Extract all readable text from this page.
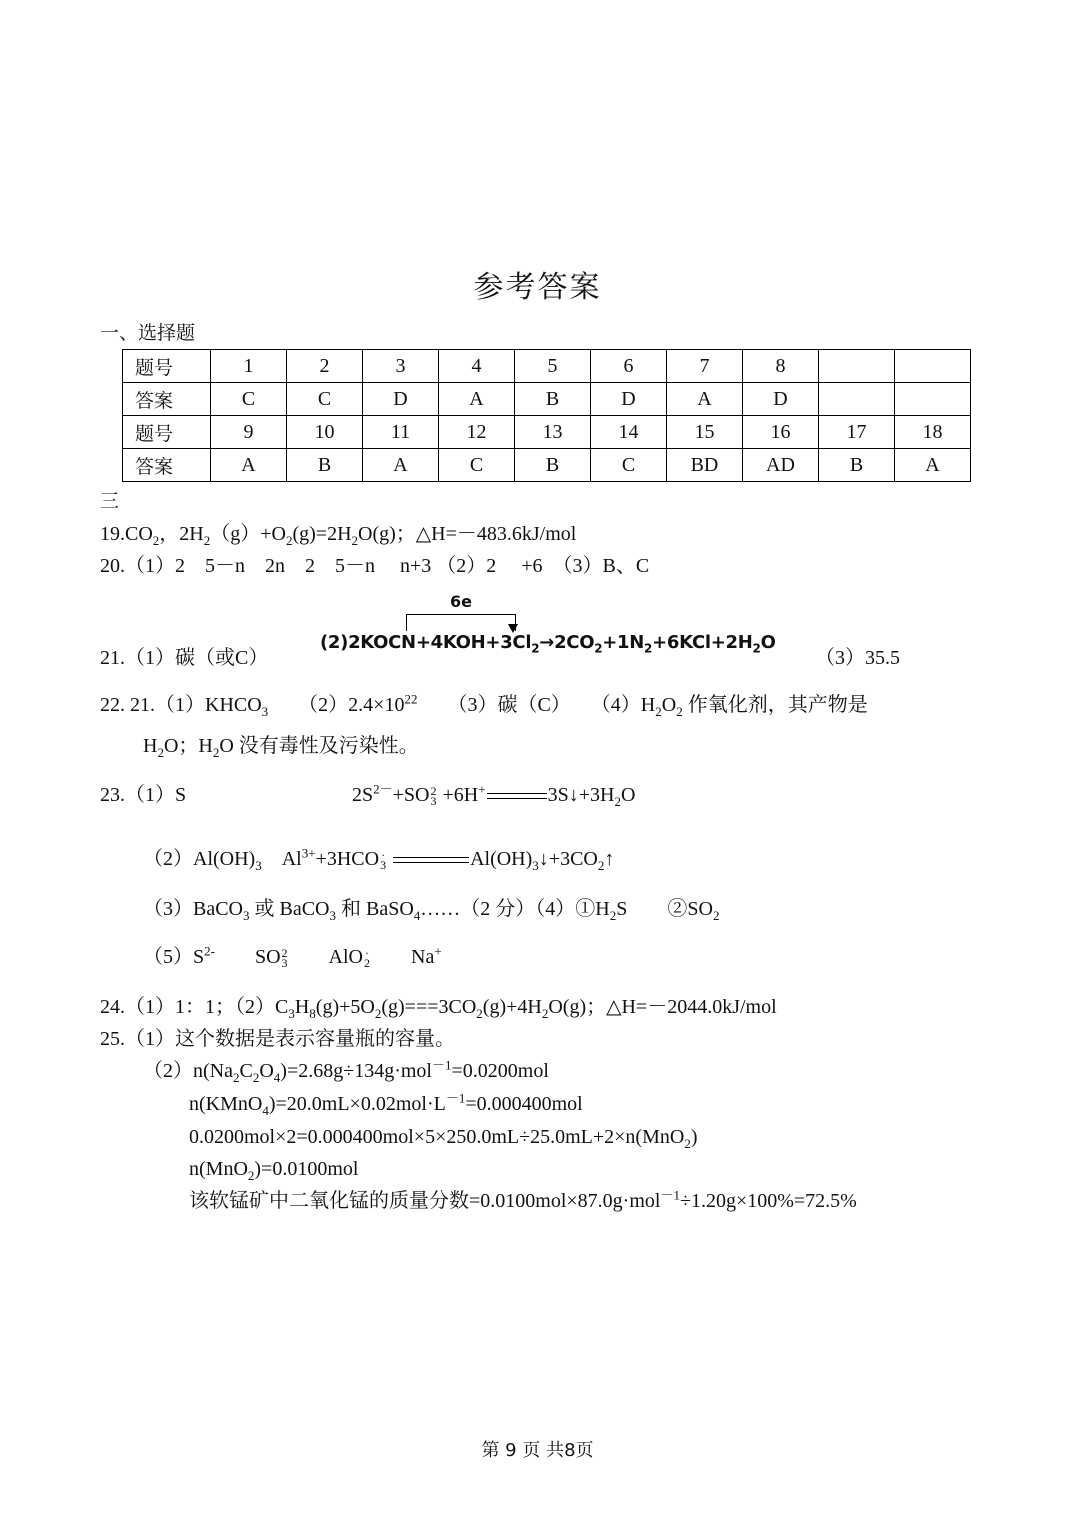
参考答案
一、选择题
题号	1	2	3	4	5	6	7	8		
答案	C	C	D	A	B	D	A	D		
题号	9	10	11	12	13	14	15	16	17	18
答案	A	B	A	C	B	C	BD	AD	B	A
三
$19.CO_2$，$2H_2(g)+O_2(g)=2H_2O(g)$；△H=－483.6kJ/mol
20.（1）2　5－n　2n　2　5－n　 n+3 （2）2　 +6　（3）B、C
6e
21.（1）碳（或C）
$(2)2KOCN+4KOH+3Cl_2\to 2CO_2+1N_2+6KCl+2H_2O$
（3）35.5
22. $21.(1)KHCO_3$　　$(2)2.4\times 10^{22}$　　（3）碳（C）　　$(4)H_2O_2$ 作氧化剂，其产物是
$H_2O$；$H_2O$ 没有毒性及污染性。
23.（1）S	$2S^{2-}+SO$ 2
3 +6H+	$3S↓+3H_2O$
$(2)Al(OH)_3$　$Al^{3+}+3HCO$ ·
3	$Al(OH)_3↓+3CO_2↑$
（3）BaCO$_3$ 或 BaCO$_3$ 和 BaSO$_4$……（2 分）$(4)①H_2S$　　$②SO_2$
$(5)S^{2-}$　　SO 2
3 　　AlO ·
2 　　Na+
24.（1）1：1；$(2)C_3H_8(g)+5O_2(g)===3CO_2(g)+4H_2O(g)$；△H=－2044.0kJ/mol
25.（1）这个数据是表示容量瓶的容量。
$(2)n(Na_2C_2O_4)=2.68g\div 134g\cdot mol^{-1}=0.0200mol$
$n(KMnO_4)=20.0mL\times 0.02mol\cdot L^{-1}=0.000400mol$
0.0200mol×2=0.000400mol×5×250.0mL÷25.0mL+2×n(MnO$_2$)
n(MnO$_2$)=0.0100mol
该软锰矿中二氧化锰的质量分数=0.0100mol×87.0g·mol$^{-1}$÷1.20g×100%=72.5%
第 9 页 共8页
